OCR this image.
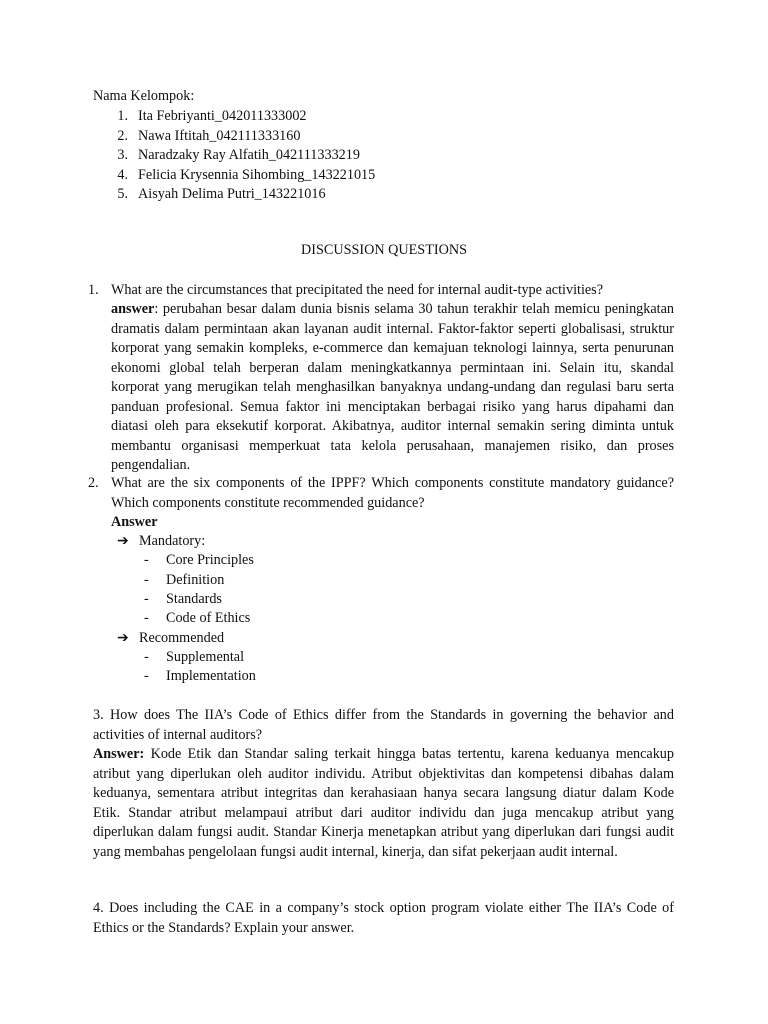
Nama Kelompok:
1. Ita Febriyanti_042011333002
2. Nawa Iftitah_042111333160
3. Naradzaky Ray Alfatih_042111333219
4. Felicia Krysennia Sihombing_143221015
5. Aisyah Delima Putri_143221016
DISCUSSION QUESTIONS
1. What are the circumstances that precipitated the need for internal audit-type activities?
answer: perubahan besar dalam dunia bisnis selama 30 tahun terakhir telah memicu peningkatan dramatis dalam permintaan akan layanan audit internal. Faktor-faktor seperti globalisasi, struktur korporat yang semakin kompleks, e-commerce dan kemajuan teknologi lainnya, serta penurunan ekonomi global telah berperan dalam meningkatkannya permintaan ini. Selain itu, skandal korporat yang merugikan telah menghasilkan banyaknya undang-undang dan regulasi baru serta panduan profesional. Semua faktor ini menciptakan berbagai risiko yang harus dipahami dan diatasi oleh para eksekutif korporat. Akibatnya, auditor internal semakin sering diminta untuk membantu organisasi memperkuat tata kelola perusahaan, manajemen risiko, dan proses pengendalian.
2. What are the six components of the IPPF? Which components constitute mandatory guidance? Which components constitute recommended guidance?
Answer
➔ Mandatory:
- Core Principles
- Definition
- Standards
- Code of Ethics
➔ Recommended
- Supplemental
- Implementation
3. How does The IIA’s Code of Ethics differ from the Standards in governing the behavior and activities of internal auditors?
Answer: Kode Etik dan Standar saling terkait hingga batas tertentu, karena keduanya mencakup atribut yang diperlukan oleh auditor individu. Atribut objektivitas dan kompetensi dibahas dalam keduanya, sementara atribut integritas dan kerahasiaan hanya secara langsung diatur dalam Kode Etik. Standar atribut melampaui atribut dari auditor individu dan juga mencakup atribut yang diperlukan dalam fungsi audit. Standar Kinerja menetapkan atribut yang diperlukan dari fungsi audit yang membahas pengelolaan fungsi audit internal, kinerja, dan sifat pekerjaan audit internal.
4. Does including the CAE in a company’s stock option program violate either The IIA’s Code of Ethics or the Standards? Explain your answer.
